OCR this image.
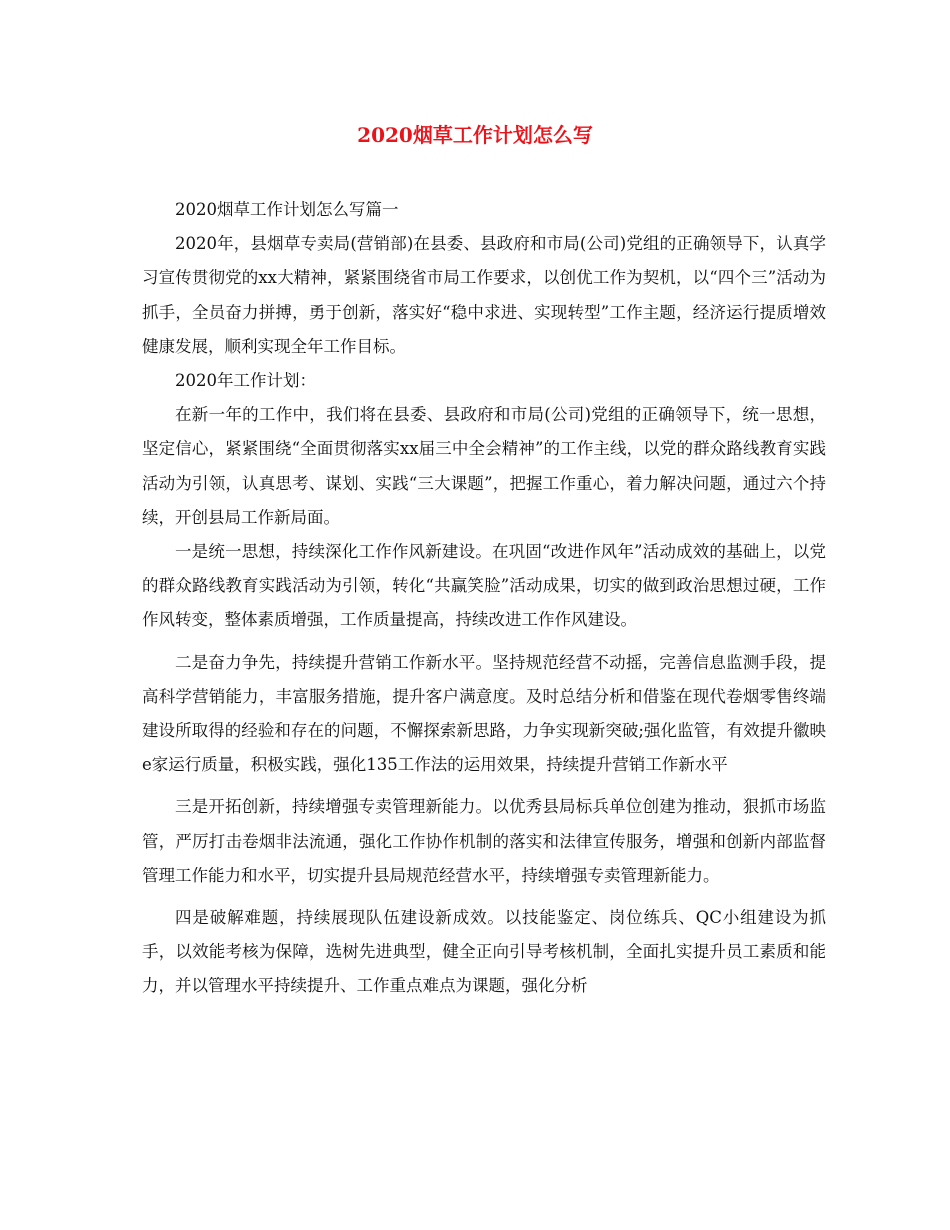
2020烟草工作计划怎么写

2020烟草工作计划怎么写篇一

2020年，县烟草专卖局(营销部)在县委、县政府和市局(公司)党组的正确领导下，认真学习宣传贯彻党的xx大精神，紧紧围绕省市局工作要求，以创优工作为契机，以“四个三”活动为抓手，全员奋力拼搏，勇于创新，落实好“稳中求进、实现转型”工作主题，经济运行提质增效健康发展，顺利实现全年工作目标。

2020年工作计划：

在新一年的工作中，我们将在县委、县政府和市局(公司)党组的正确领导下，统一思想，坚定信心，紧紧围绕“全面贯彻落实xx届三中全会精神”的工作主线，以党的群众路线教育实践活动为引领，认真思考、谋划、实践“三大课题”，把握工作重心，着力解决问题，通过六个持续，开创县局工作新局面。

一是统一思想，持续深化工作作风新建设。在巩固“改进作风年”活动成效的基础上，以党的群众路线教育实践活动为引领，转化“共赢笑脸”活动成果，切实的做到政治思想过硬，工作作风转变，整体素质增强，工作质量提高，持续改进工作作风建设。

二是奋力争先，持续提升营销工作新水平。坚持规范经营不动摇，完善信息监测手段，提高科学营销能力，丰富服务措施，提升客户满意度。及时总结分析和借鉴在现代卷烟零售终端建设所取得的经验和存在的问题，不懈探索新思路，力争实现新突破;强化监管，有效提升徽映e家运行质量，积极实践，强化135工作法的运用效果，持续提升营销工作新水平

三是开拓创新，持续增强专卖管理新能力。以优秀县局标兵单位创建为推动，狠抓市场监管，严厉打击卷烟非法流通，强化工作协作机制的落实和法律宣传服务，增强和创新内部监督管理工作能力和水平，切实提升县局规范经营水平，持续增强专卖管理新能力。

四是破解难题，持续展现队伍建设新成效。以技能鉴定、岗位练兵、QC小组建设为抓手，以效能考核为保障，选树先进典型，健全正向引导考核机制，全面扎实提升员工素质和能力，并以管理水平持续提升、工作重点难点为课题，强化分析
